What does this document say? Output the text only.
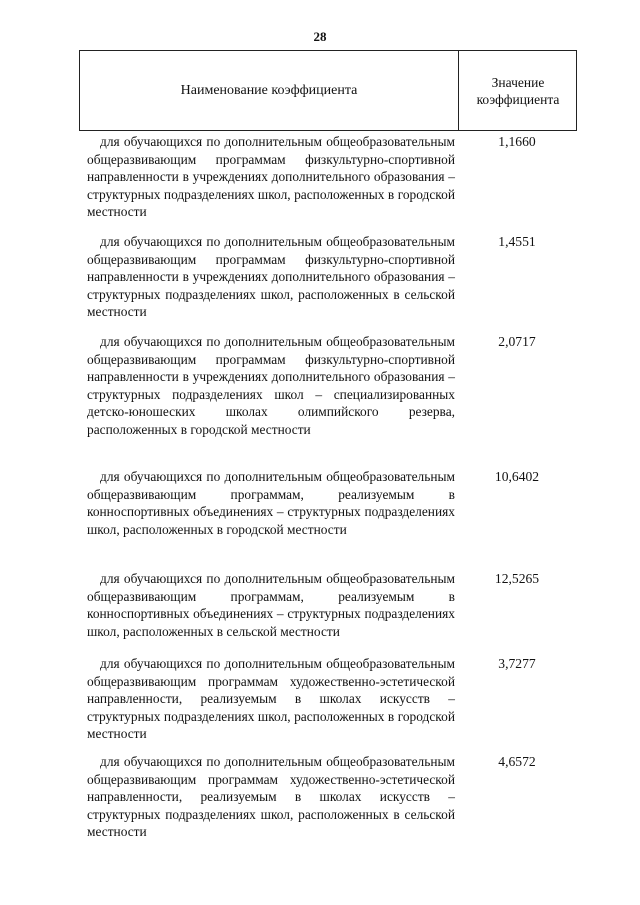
28
Наименование коэффициента
Значение
коэффициента
для обучающихся по дополнительным общеобразовательным общеразвивающим программам физкультурно-спортивной направленности в учреждениях дополнительного образования – структурных подразделениях школ, расположенных в городской местности
1,1660
для обучающихся по дополнительным общеобразовательным общеразвивающим программам физкультурно-спортивной направленности в учреждениях дополнительного образования – структурных подразделениях школ, расположенных в сельской местности
1,4551
для обучающихся по дополнительным общеобразовательным общеразвивающим программам физкультурно-спортивной направленности в учреждениях дополнительного образования – структурных подразделениях школ – специализированных детско-юношеских школах олимпийского резерва, расположенных в городской местности
2,0717
для обучающихся по дополнительным общеобразовательным общеразвивающим программам, реализуемым в конноспортивных объединениях – структурных подразделениях школ, расположенных в городской местности
10,6402
для обучающихся по дополнительным общеобразовательным общеразвивающим программам, реализуемым в конноспортивных объединениях – структурных подразделениях школ, расположенных в сельской местности
12,5265
для обучающихся по дополнительным общеобразовательным общеразвивающим программам художественно-эстетической направленности, реализуемым в школах искусств – структурных подразделениях школ, расположенных в городской местности
3,7277
для обучающихся по дополнительным общеобразовательным общеразвивающим программам художественно-эстетической направленности, реализуемым в школах искусств – структурных подразделениях школ, расположенных в сельской местности
4,6572
